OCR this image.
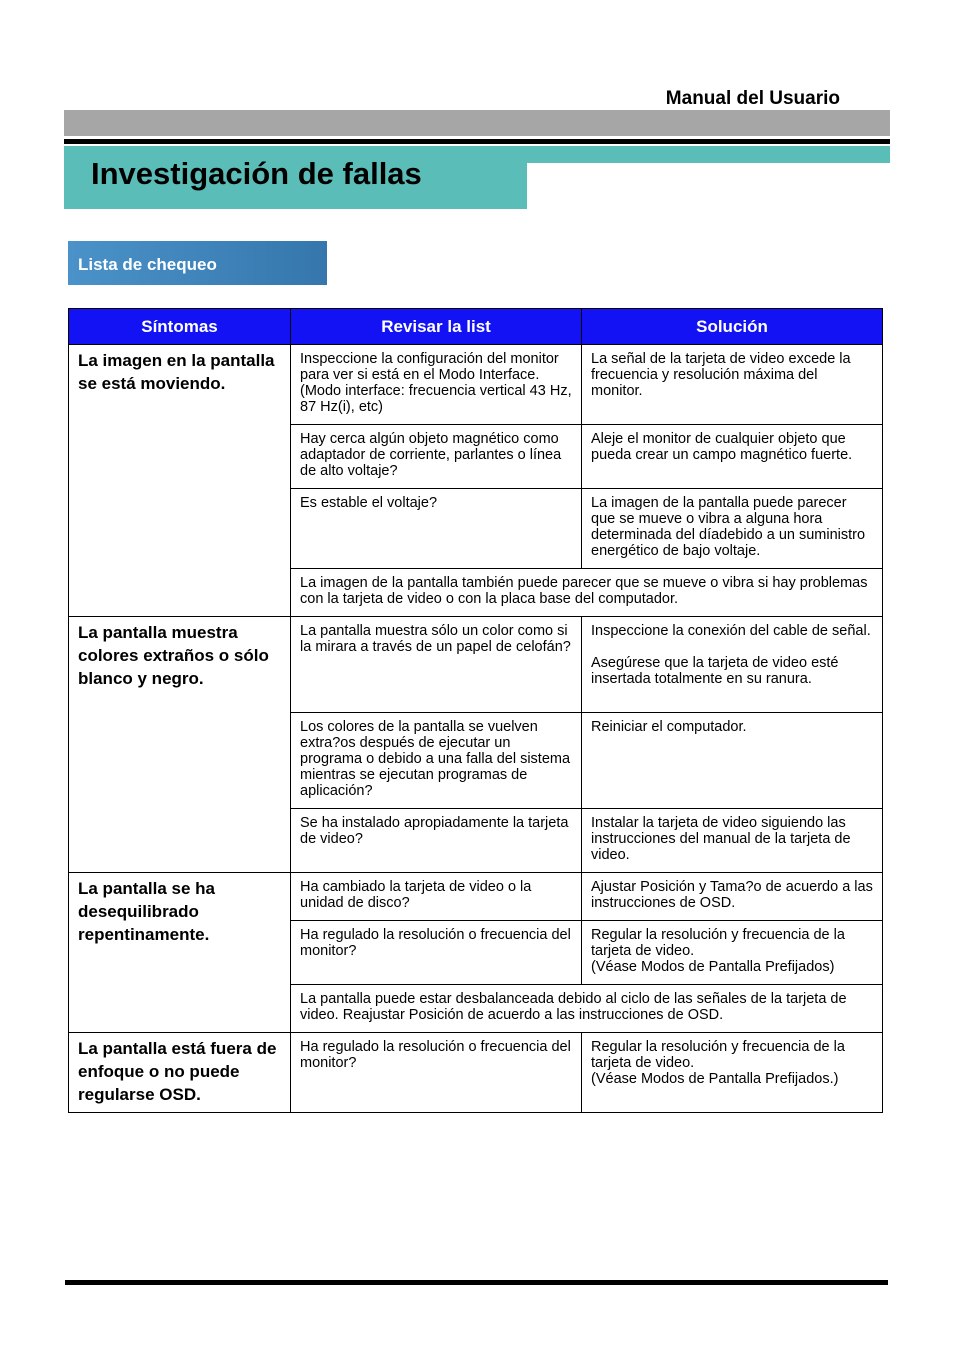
Manual del Usuario
Investigación de fallas
Lista de chequeo
Síntomas	Revisar la list	Solución
La imagen en la pantalla se está moviendo.	Inspeccione la configuración del monitor para ver si está en el Modo Interface. (Modo interface: frecuencia vertical 43 Hz, 87 Hz(i), etc)	La señal de la tarjeta de video excede la frecuencia y resolución máxima del monitor.
	Hay cerca algún objeto magnético como adaptador de corriente, parlantes o línea de alto voltaje?	Aleje el monitor de cualquier objeto que pueda crear un campo magnético fuerte.
	Es estable el voltaje?	La imagen de la pantalla puede parecer que se mueve o vibra a alguna hora determinada del díadebido a un suministro energético de bajo voltaje.
	La imagen de la pantalla también puede parecer que se mueve o vibra si hay problemas con la tarjeta de video o con la placa base del computador.	
La pantalla muestra colores extraños o sólo blanco y negro.	La pantalla muestra sólo un color como si la mirara a través de un papel de celofán?	Inspeccione la conexión del cable de señal.
Asegúrese que la tarjeta de video esté insertada totalmente en su ranura.
	Los colores de la pantalla se vuelven extra?os después de ejecutar un programa o debido a una falla del sistema mientras se ejecutan programas de aplicación?	Reiniciar el computador.
	Se ha instalado apropiadamente la tarjeta de video?	Instalar la tarjeta de video siguiendo las instrucciones del manual de la tarjeta de video.
La pantalla se ha desequilibrado repentinamente.	Ha cambiado la tarjeta de video o la unidad de disco?	Ajustar Posición y Tama?o de acuerdo a las instrucciones de OSD.
	Ha regulado la resolución o frecuencia del monitor?	Regular la resolución y frecuencia de la tarjeta de video.
(Véase Modos de Pantalla Prefijados)
	La pantalla puede estar desbalanceada debido al ciclo de las señales de la tarjeta de video. Reajustar Posición de acuerdo a las instrucciones de OSD.	
La pantalla está fuera de enfoque o no puede regularse OSD.	Ha regulado la resolución o frecuencia del monitor?	Regular la resolución y frecuencia de la tarjeta de video.
(Véase Modos de Pantalla Prefijados.)
